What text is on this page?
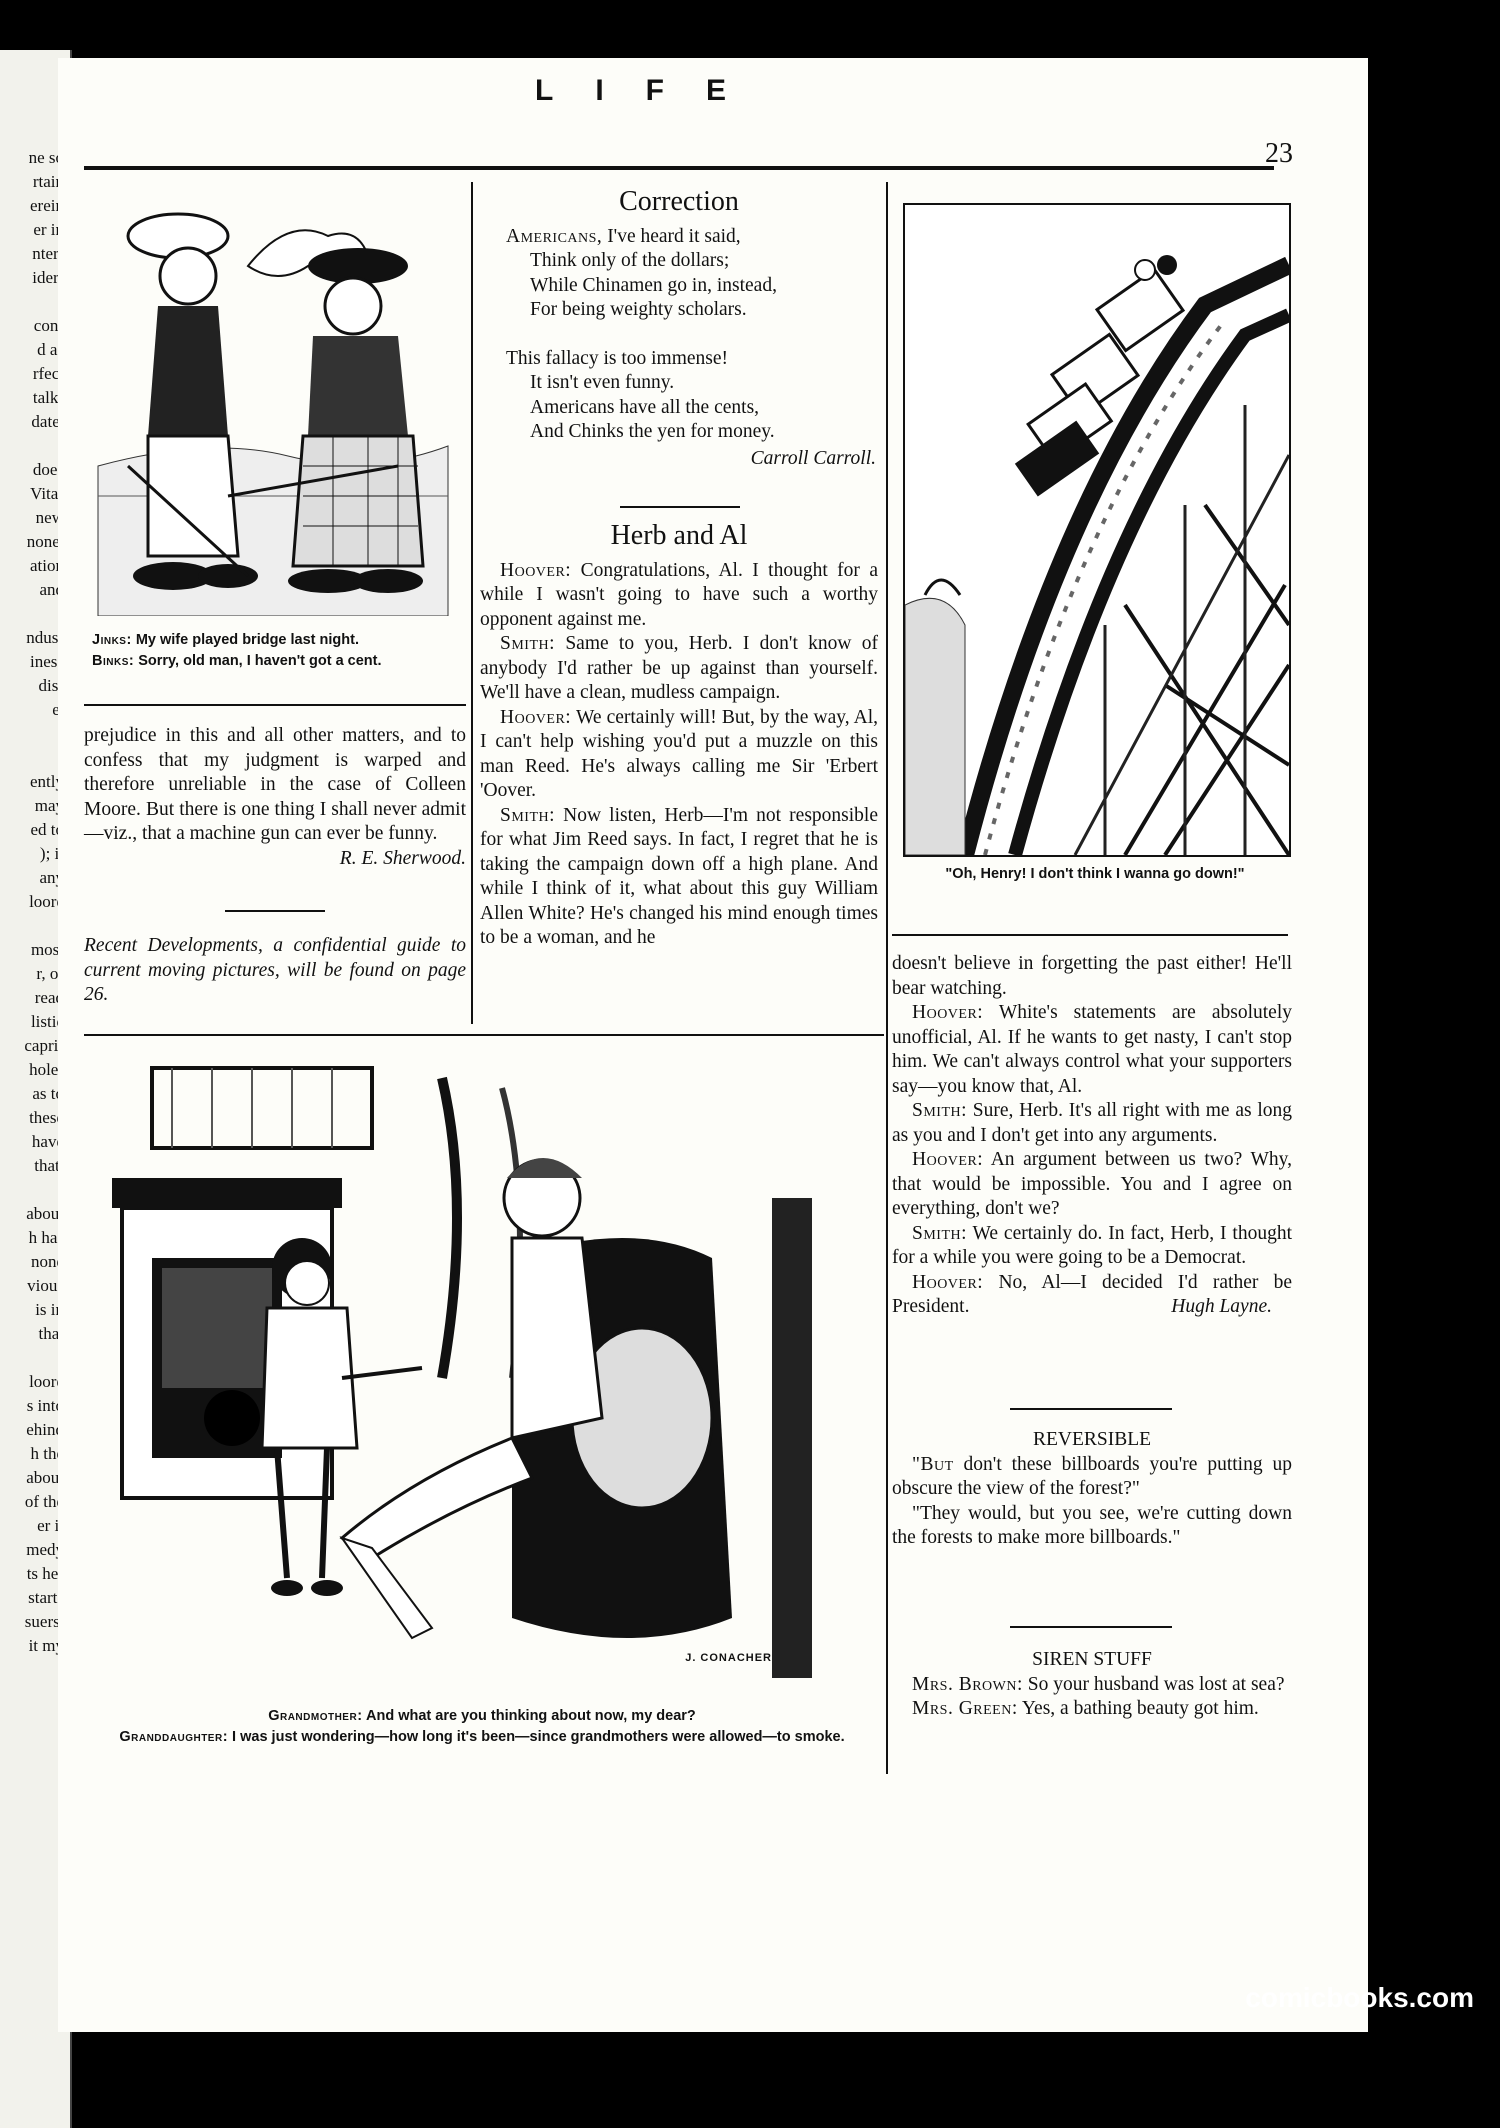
ne so
rtain
erein
er in
nter-
ider-
con-
d as
rfect
talk-
date.

does
Vita-
new
none,
ation
and

ndus-
iness
dis-

ently
may
ed to
); it
any
loore

most
r, of
read
listic
capri-
hole-
as to
these
have
that,

about
h has
none
vious
is in
that

loore
s into
ehind
h the
about
of the
er it
medy
ts her
starts
suers.
it my
LIFE
23
Jinks: My wife played bridge last night.
Binks: Sorry, old man, I haven't got a cent.

prejudice in this and all other matters, and to confess that my judgment is warped and therefore unreliable in the case of Colleen Moore. But there is one thing I shall never admit—viz., that a machine gun can ever be funny.

R. E. Sherwood.

Recent Developments, a confidential guide to current moving pictures, will be found on page 26.

Correction
Americans, I've heard it said,
Think only of the dollars;
While Chinamen go in, instead,
For being weighty scholars.
This fallacy is too immense!
It isn't even funny.
Americans have all the cents,
And Chinks the yen for money.
Carroll Carroll.
Herb and Al

Hoover: Congratulations, Al. I thought for a while I wasn't going to have such a worthy opponent against me.

Smith: Same to you, Herb. I don't know of anybody I'd rather be up against than yourself. We'll have a clean, mudless campaign.

Hoover: We certainly will! But, by the way, Al, I can't help wishing you'd put a muzzle on this man Reed. He's always calling me Sir 'Erbert 'Oover.

Smith: Now listen, Herb—I'm not responsible for what Jim Reed says. In fact, I regret that he is taking the campaign down off a high plane. And while I think of it, what about this guy William Allen White? He's changed his mind enough times to be a woman, and he

"Oh, Henry! I don't think I wanna go down!"

doesn't believe in forgetting the past either! He'll bear watching.

Hoover: White's statements are absolutely unofficial, Al. If he wants to get nasty, I can't stop him. We can't always control what your supporters say—you know that, Al.

Smith: Sure, Herb. It's all right with me as long as you and I don't get into any arguments.

Hoover: An argument between us two? Why, that would be impossible. You and I agree on everything, don't we?

Smith: We certainly do. In fact, Herb, I thought for a while you were going to be a Democrat.

Hoover: No, Al—I decided I'd rather be President.	Hugh Layne.
REVERSIBLE

"But don't these billboards you're putting up obscure the view of the forest?"

"They would, but you see, we're cutting down the forests to make more billboards."

SIREN STUFF

Mrs. Brown: So your husband was lost at sea?

Mrs. Green: Yes, a bathing beauty got him.

J. CONACHER
Grandmother: And what are you thinking about now, my dear?
Granddaughter: I was just wondering—how long it's been—since grandmothers were allowed—to smoke.
comicbooks.com
